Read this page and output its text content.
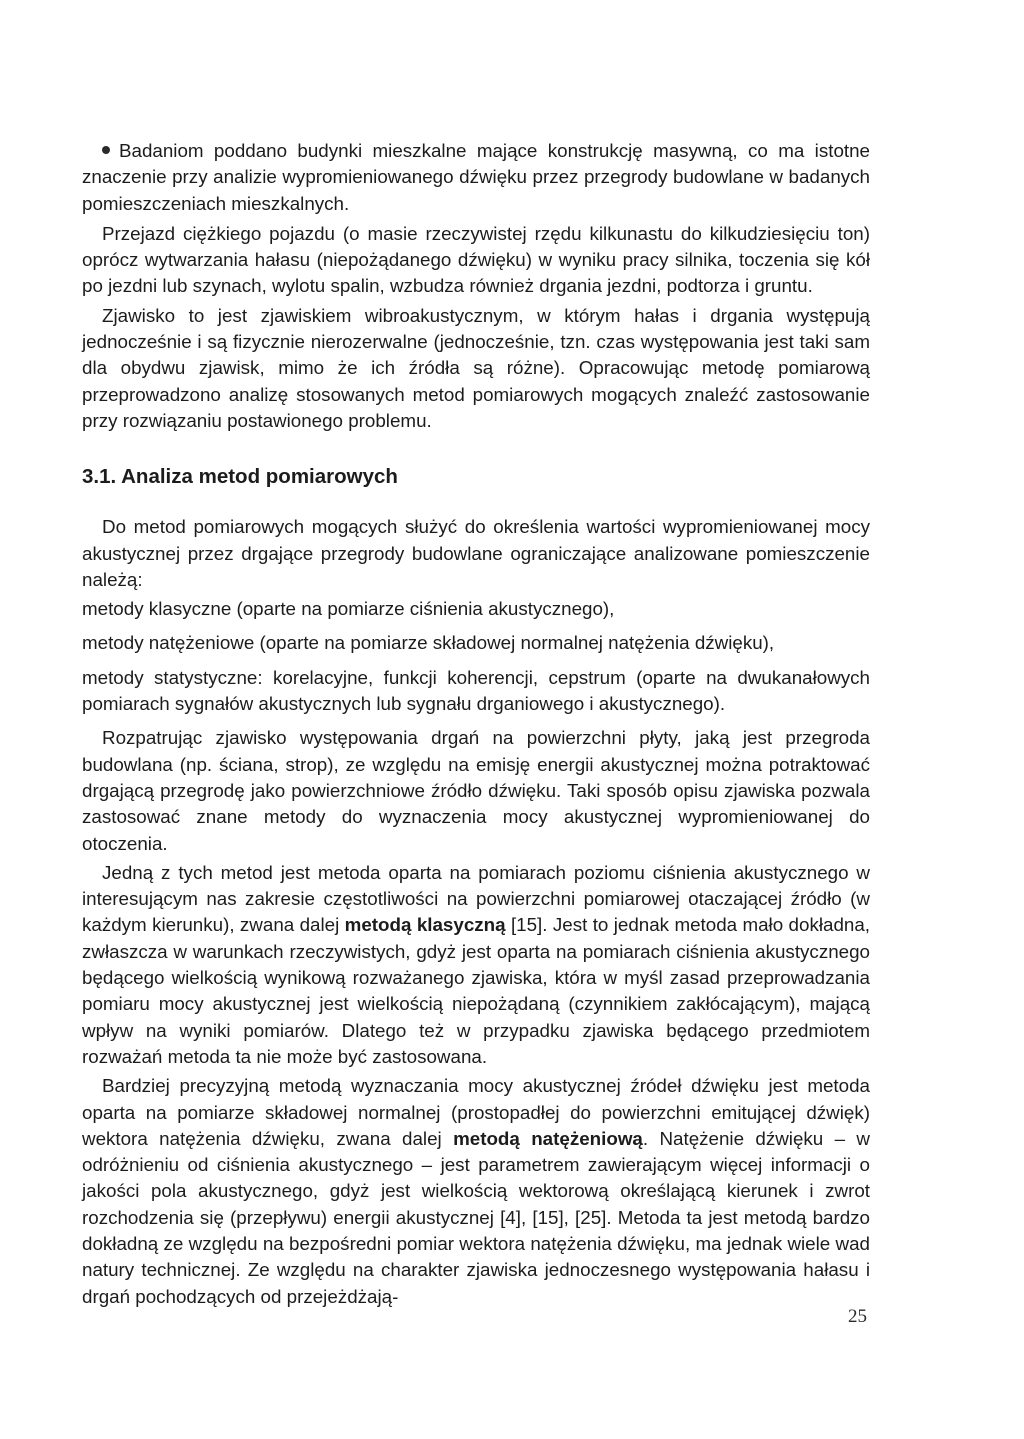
Badaniom poddano budynki mieszkalne mające konstrukcję masywną, co ma istotne znaczenie przy analizie wypromieniowanego dźwięku przez przegrody budowlane w badanych pomieszczeniach mieszkalnych.

Przejazd ciężkiego pojazdu (o masie rzeczywistej rzędu kilkunastu do kilkudziesięciu ton) oprócz wytwarzania hałasu (niepożądanego dźwięku) w wyniku pracy silnika, toczenia się kół po jezdni lub szynach, wylotu spalin, wzbudza również drgania jezdni, podtorza i gruntu.

Zjawisko to jest zjawiskiem wibroakustycznym, w którym hałas i drgania występują jednocześnie i są fizycznie nierozerwalne (jednocześnie, tzn. czas występowania jest taki sam dla obydwu zjawisk, mimo że ich źródła są różne). Opracowując metodę pomiarową przeprowadzono analizę stosowanych metod pomiarowych mogących znaleźć zastosowanie przy rozwiązaniu postawionego problemu.

3.1. Analiza metod pomiarowych

Do metod pomiarowych mogących służyć do określenia wartości wypromieniowanej mocy akustycznej przez drgające przegrody budowlane ograniczające analizowane pomieszczenie należą:

metody klasyczne (oparte na pomiarze ciśnienia akustycznego),

metody natężeniowe (oparte na pomiarze składowej normalnej natężenia dźwięku),

metody statystyczne: korelacyjne, funkcji koherencji, cepstrum (oparte na dwukanałowych pomiarach sygnałów akustycznych lub sygnału drganiowego i akustycznego).

Rozpatrując zjawisko występowania drgań na powierzchni płyty, jaką jest przegroda budowlana (np. ściana, strop), ze względu na emisję energii akustycznej można potraktować drgającą przegrodę jako powierzchniowe źródło dźwięku. Taki sposób opisu zjawiska pozwala zastosować znane metody do wyznaczenia mocy akustycznej wypromieniowanej do otoczenia.

Jedną z tych metod jest metoda oparta na pomiarach poziomu ciśnienia akustycznego w interesującym nas zakresie częstotliwości na powierzchni pomiarowej otaczającej źródło (w każdym kierunku), zwana dalej metodą klasyczną [15]. Jest to jednak metoda mało dokładna, zwłaszcza w warunkach rzeczywistych, gdyż jest oparta na pomiarach ciśnienia akustycznego będącego wielkością wynikową rozważanego zjawiska, która w myśl zasad przeprowadzania pomiaru mocy akustycznej jest wielkością niepożądaną (czynnikiem zakłócającym), mającą wpływ na wyniki pomiarów. Dlatego też w przypadku zjawiska będącego przedmiotem rozważań metoda ta nie może być zastosowana.

Bardziej precyzyjną metodą wyznaczania mocy akustycznej źródeł dźwięku jest metoda oparta na pomiarze składowej normalnej (prostopadłej do powierzchni emitującej dźwięk) wektora natężenia dźwięku, zwana dalej metodą natężeniową. Natężenie dźwięku – w odróżnieniu od ciśnienia akustycznego – jest parametrem zawierającym więcej informacji o jakości pola akustycznego, gdyż jest wielkością wektorową określającą kierunek i zwrot rozchodzenia się (przepływu) energii akustycznej [4], [15], [25]. Metoda ta jest metodą bardzo dokładną ze względu na bezpośredni pomiar wektora natężenia dźwięku, ma jednak wiele wad natury technicznej. Ze względu na charakter zjawiska jednoczesnego występowania hałasu i drgań pochodzących od przejeżdżają-

25
